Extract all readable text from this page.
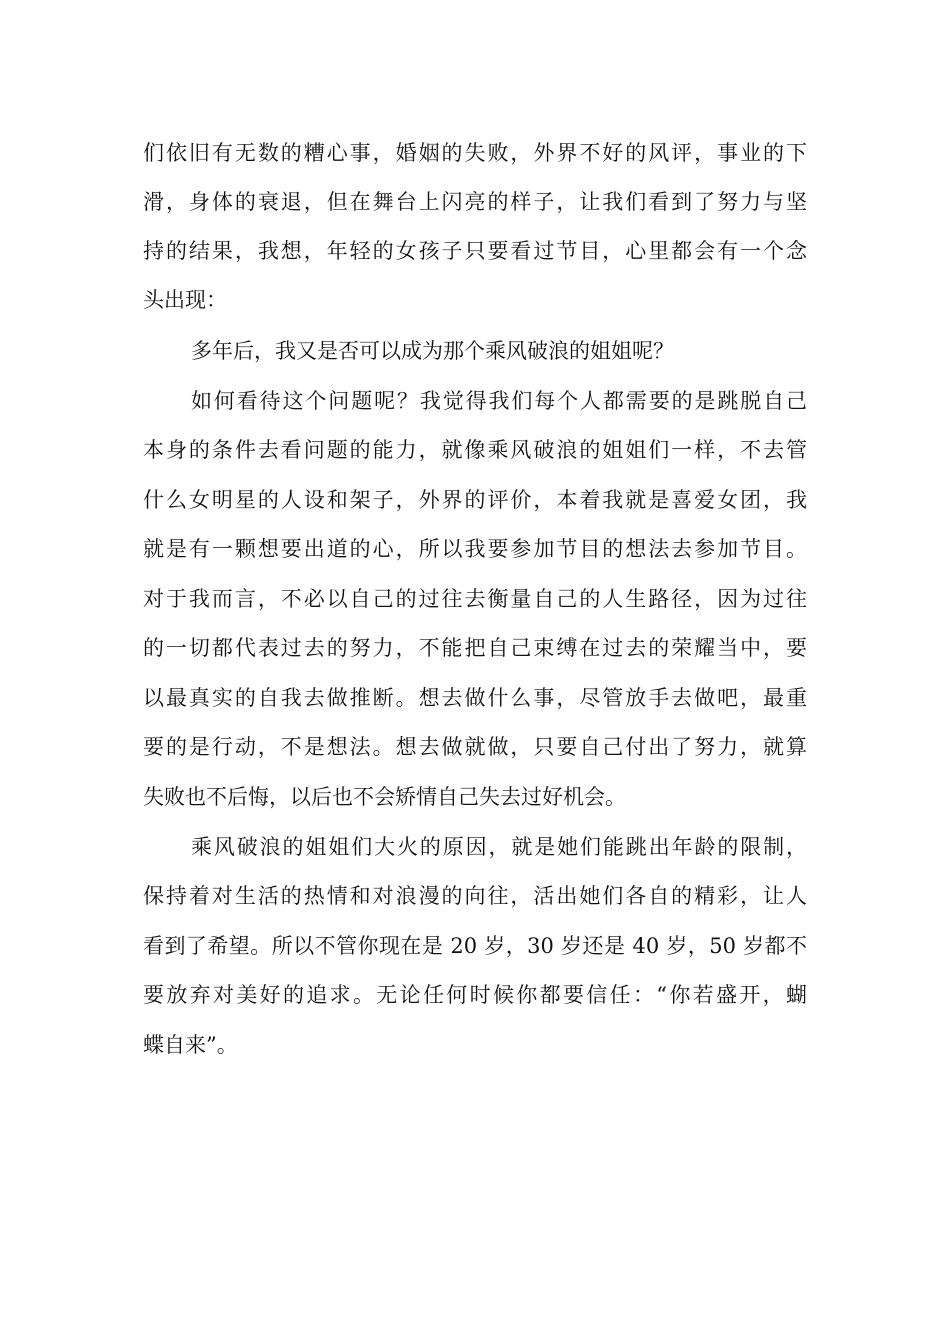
们依旧有无数的糟心事，婚姻的失败，外界不好的风评，事业的下
滑，身体的衰退，但在舞台上闪亮的样子，让我们看到了努力与坚
持的结果，我想，年轻的女孩子只要看过节目，心里都会有一个念
头出现：
多年后，我又是否可以成为那个乘风破浪的姐姐呢？
如何看待这个问题呢？我觉得我们每个人都需要的是跳脱自己
本身的条件去看问题的能力，就像乘风破浪的姐姐们一样，不去管
什么女明星的人设和架子，外界的评价，本着我就是喜爱女团，我
就是有一颗想要出道的心，所以我要参加节目的想法去参加节目。
对于我而言，不必以自己的过往去衡量自己的人生路径，因为过往
的一切都代表过去的努力，不能把自己束缚在过去的荣耀当中，要
以最真实的自我去做推断。想去做什么事，尽管放手去做吧，最重
要的是行动，不是想法。想去做就做，只要自己付出了努力，就算
失败也不后悔，以后也不会矫情自己失去过好机会。
乘风破浪的姐姐们大火的原因，就是她们能跳出年龄的限制，
保持着对生活的热情和对浪漫的向往，活出她们各自的精彩，让人
看到了希望。所以不管你现在是 20 岁，30 岁还是 40 岁，50 岁都不
要放弃对美好的追求。无论任何时候你都要信任：“你若盛开，蝴
蝶自来”。
